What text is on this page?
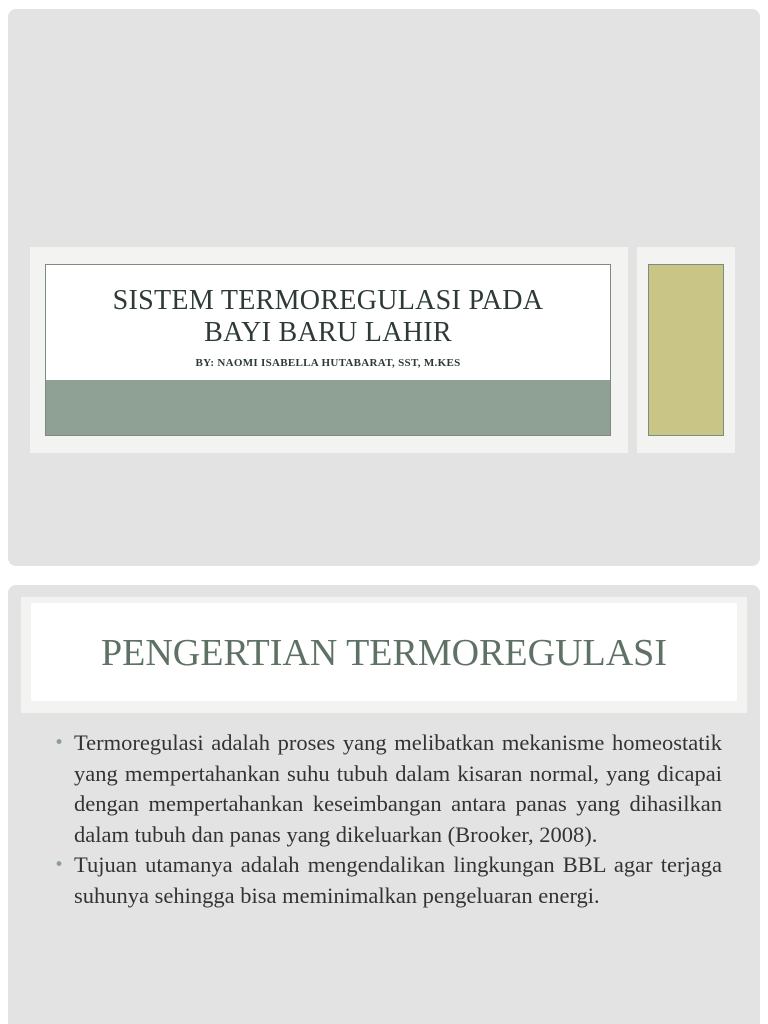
SISTEM TERMOREGULASI PADA
BAYI BARU LAHIR
BY: NAOMI ISABELLA HUTABARAT, SST, M.KES
PENGERTIAN TERMOREGULASI
• Termoregulasi adalah proses yang melibatkan mekanisme homeostatik yang mempertahankan suhu tubuh dalam kisaran normal, yang dicapai dengan mempertahankan keseimbangan antara panas yang dihasilkan dalam tubuh dan panas yang dikeluarkan (Brooker, 2008).
• Tujuan utamanya adalah mengendalikan lingkungan BBL agar terjaga suhunya sehingga bisa meminimalkan pengeluaran energi.
